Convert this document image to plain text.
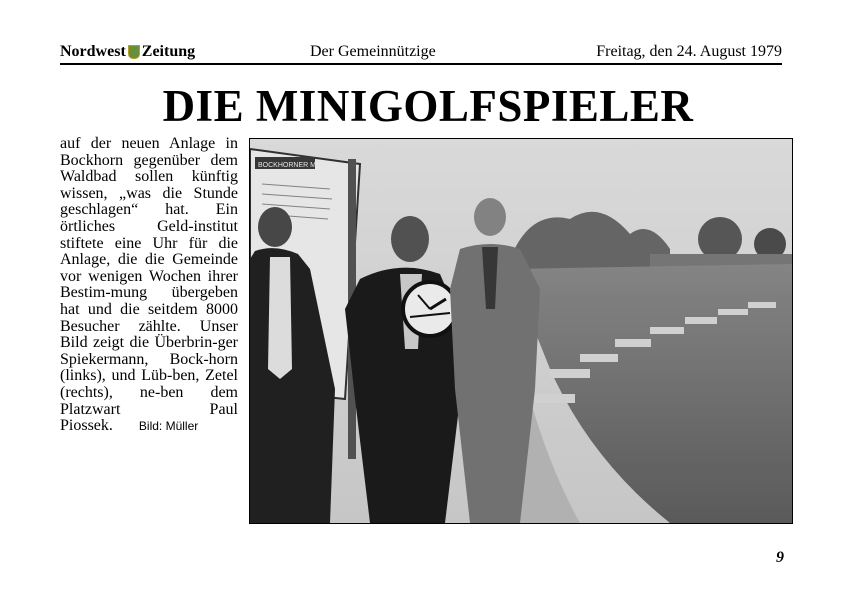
Nordwest Zeitung	Der Gemeinnützige	Freitag, den 24. August 1979
DIE MINIGOLFSPIELER
auf der neuen Anlage in Bockhorn gegenüber dem Waldbad sollen künftig wissen, „was die Stunde geschlagen“ hat. Ein örtliches Geld-institut stiftete eine Uhr für die Anlage, die die Gemeinde vor wenigen Wochen ihrer Bestim-mung übergeben hat und die seitdem 8000 Besucher zählte. Unser Bild zeigt die Überbrin-ger Spiekermann, Bock-horn (links), und Lüb-ben, Zetel (rechts), ne-ben dem Platzwart Paul Piossek. Bild: Müller
BOCKHORNER MARKT
9
